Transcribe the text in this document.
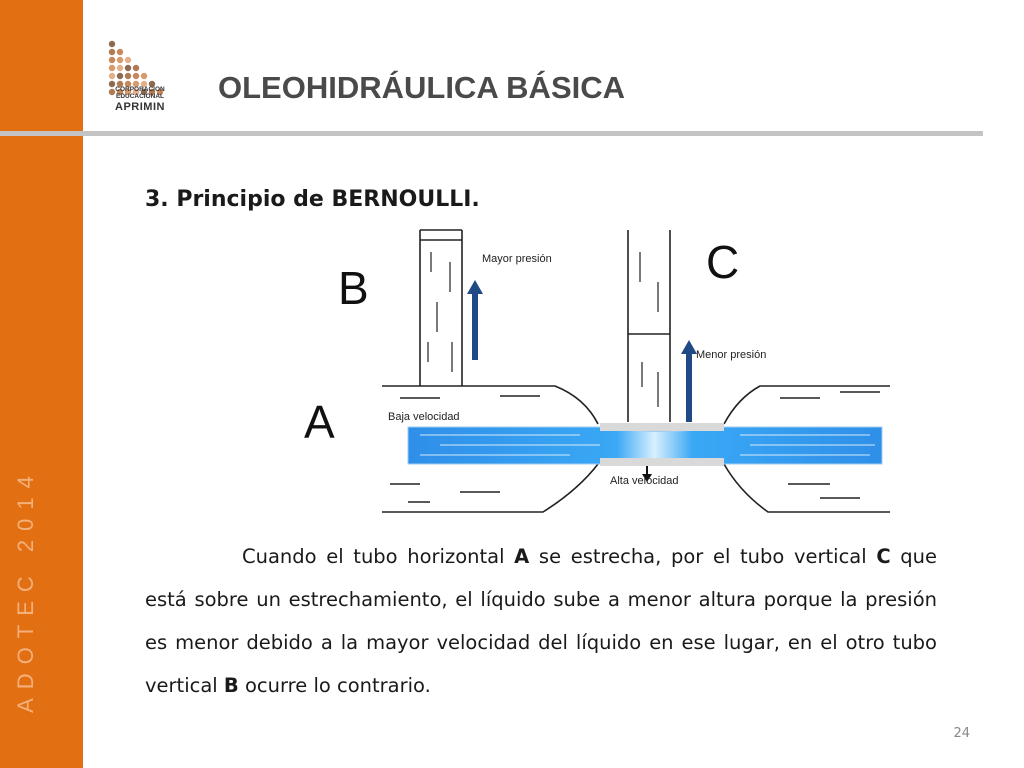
ADOTEC 2014
CORPORACION
EDUCACIONAL
APRIMIN
OLEOHIDRÁULICA BÁSICA
3. Principio de BERNOULLI.
B	C
A
Mayor presión
Menor presión
Baja velocidad
Alta velocidad

Cuando el tubo horizontal A se estrecha, por el tubo vertical C que está sobre un estrechamiento, el líquido sube a menor altura porque la presión es menor debido a la mayor velocidad del líquido en ese lugar, en el otro tubo vertical B ocurre lo contrario.

24
